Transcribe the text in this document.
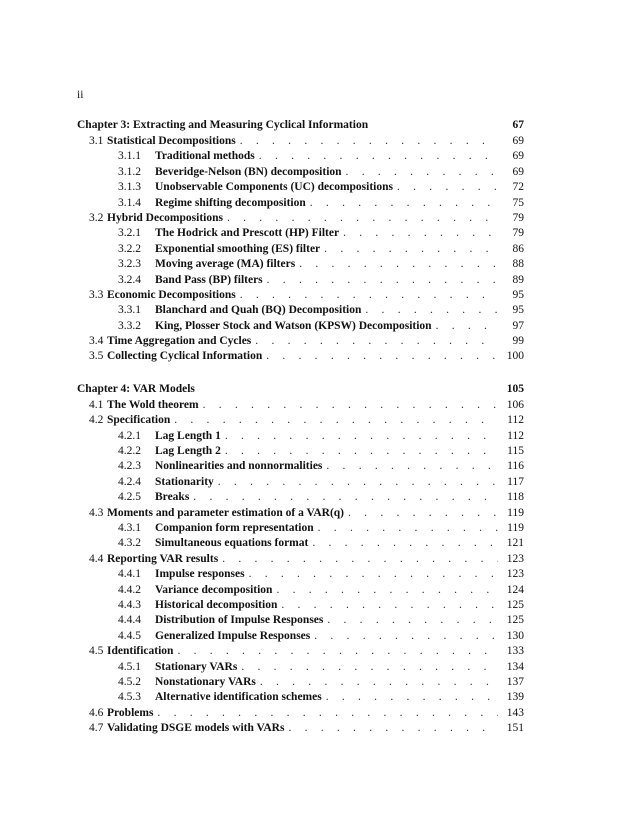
ii
Chapter 3: Extracting and Measuring Cyclical Information	67
3.1 Statistical Decompositions . . .	69
3.1.1	Traditional methods . . .	69
3.1.2	Beveridge-Nelson (BN) decomposition . . .	69
3.1.3	Unobservable Components (UC) decompositions . . .	72
3.1.4	Regime shifting decomposition . . .	75
3.2 Hybrid Decompositions . . .	79
3.2.1	The Hodrick and Prescott (HP) Filter . . .	79
3.2.2	Exponential smoothing (ES) filter . . .	86
3.2.3	Moving average (MA) filters . . .	88
3.2.4	Band Pass (BP) filters . . .	89
3.3 Economic Decompositions . . .	95
3.3.1	Blanchard and Quah (BQ) Decomposition . . .	95
3.3.2	King, Plosser Stock and Watson (KPSW) Decomposition . . .	97
3.4 Time Aggregation and Cycles . . .	99
3.5 Collecting Cyclical Information . . .	100
Chapter 4: VAR Models	105
4.1 The Wold theorem . . .	106
4.2 Specification . . .	112
4.2.1	Lag Length 1 . . .	112
4.2.2	Lag Length 2 . . .	115
4.2.3	Nonlinearities and nonnormalities . . .	116
4.2.4	Stationarity . . .	117
4.2.5	Breaks . . .	118
4.3 Moments and parameter estimation of a VAR(q) . . .	119
4.3.1	Companion form representation . . .	119
4.3.2	Simultaneous equations format . . .	121
4.4 Reporting VAR results . . .	123
4.4.1	Impulse responses . . .	123
4.4.2	Variance decomposition . . .	124
4.4.3	Historical decomposition . . .	125
4.4.4	Distribution of Impulse Responses . . .	125
4.4.5	Generalized Impulse Responses . . .	130
4.5 Identification . . .	133
4.5.1	Stationary VARs . . .	134
4.5.2	Nonstationary VARs . . .	137
4.5.3	Alternative identification schemes . . .	139
4.6 Problems . . .	143
4.7 Validating DSGE models with VARs . . .	151
